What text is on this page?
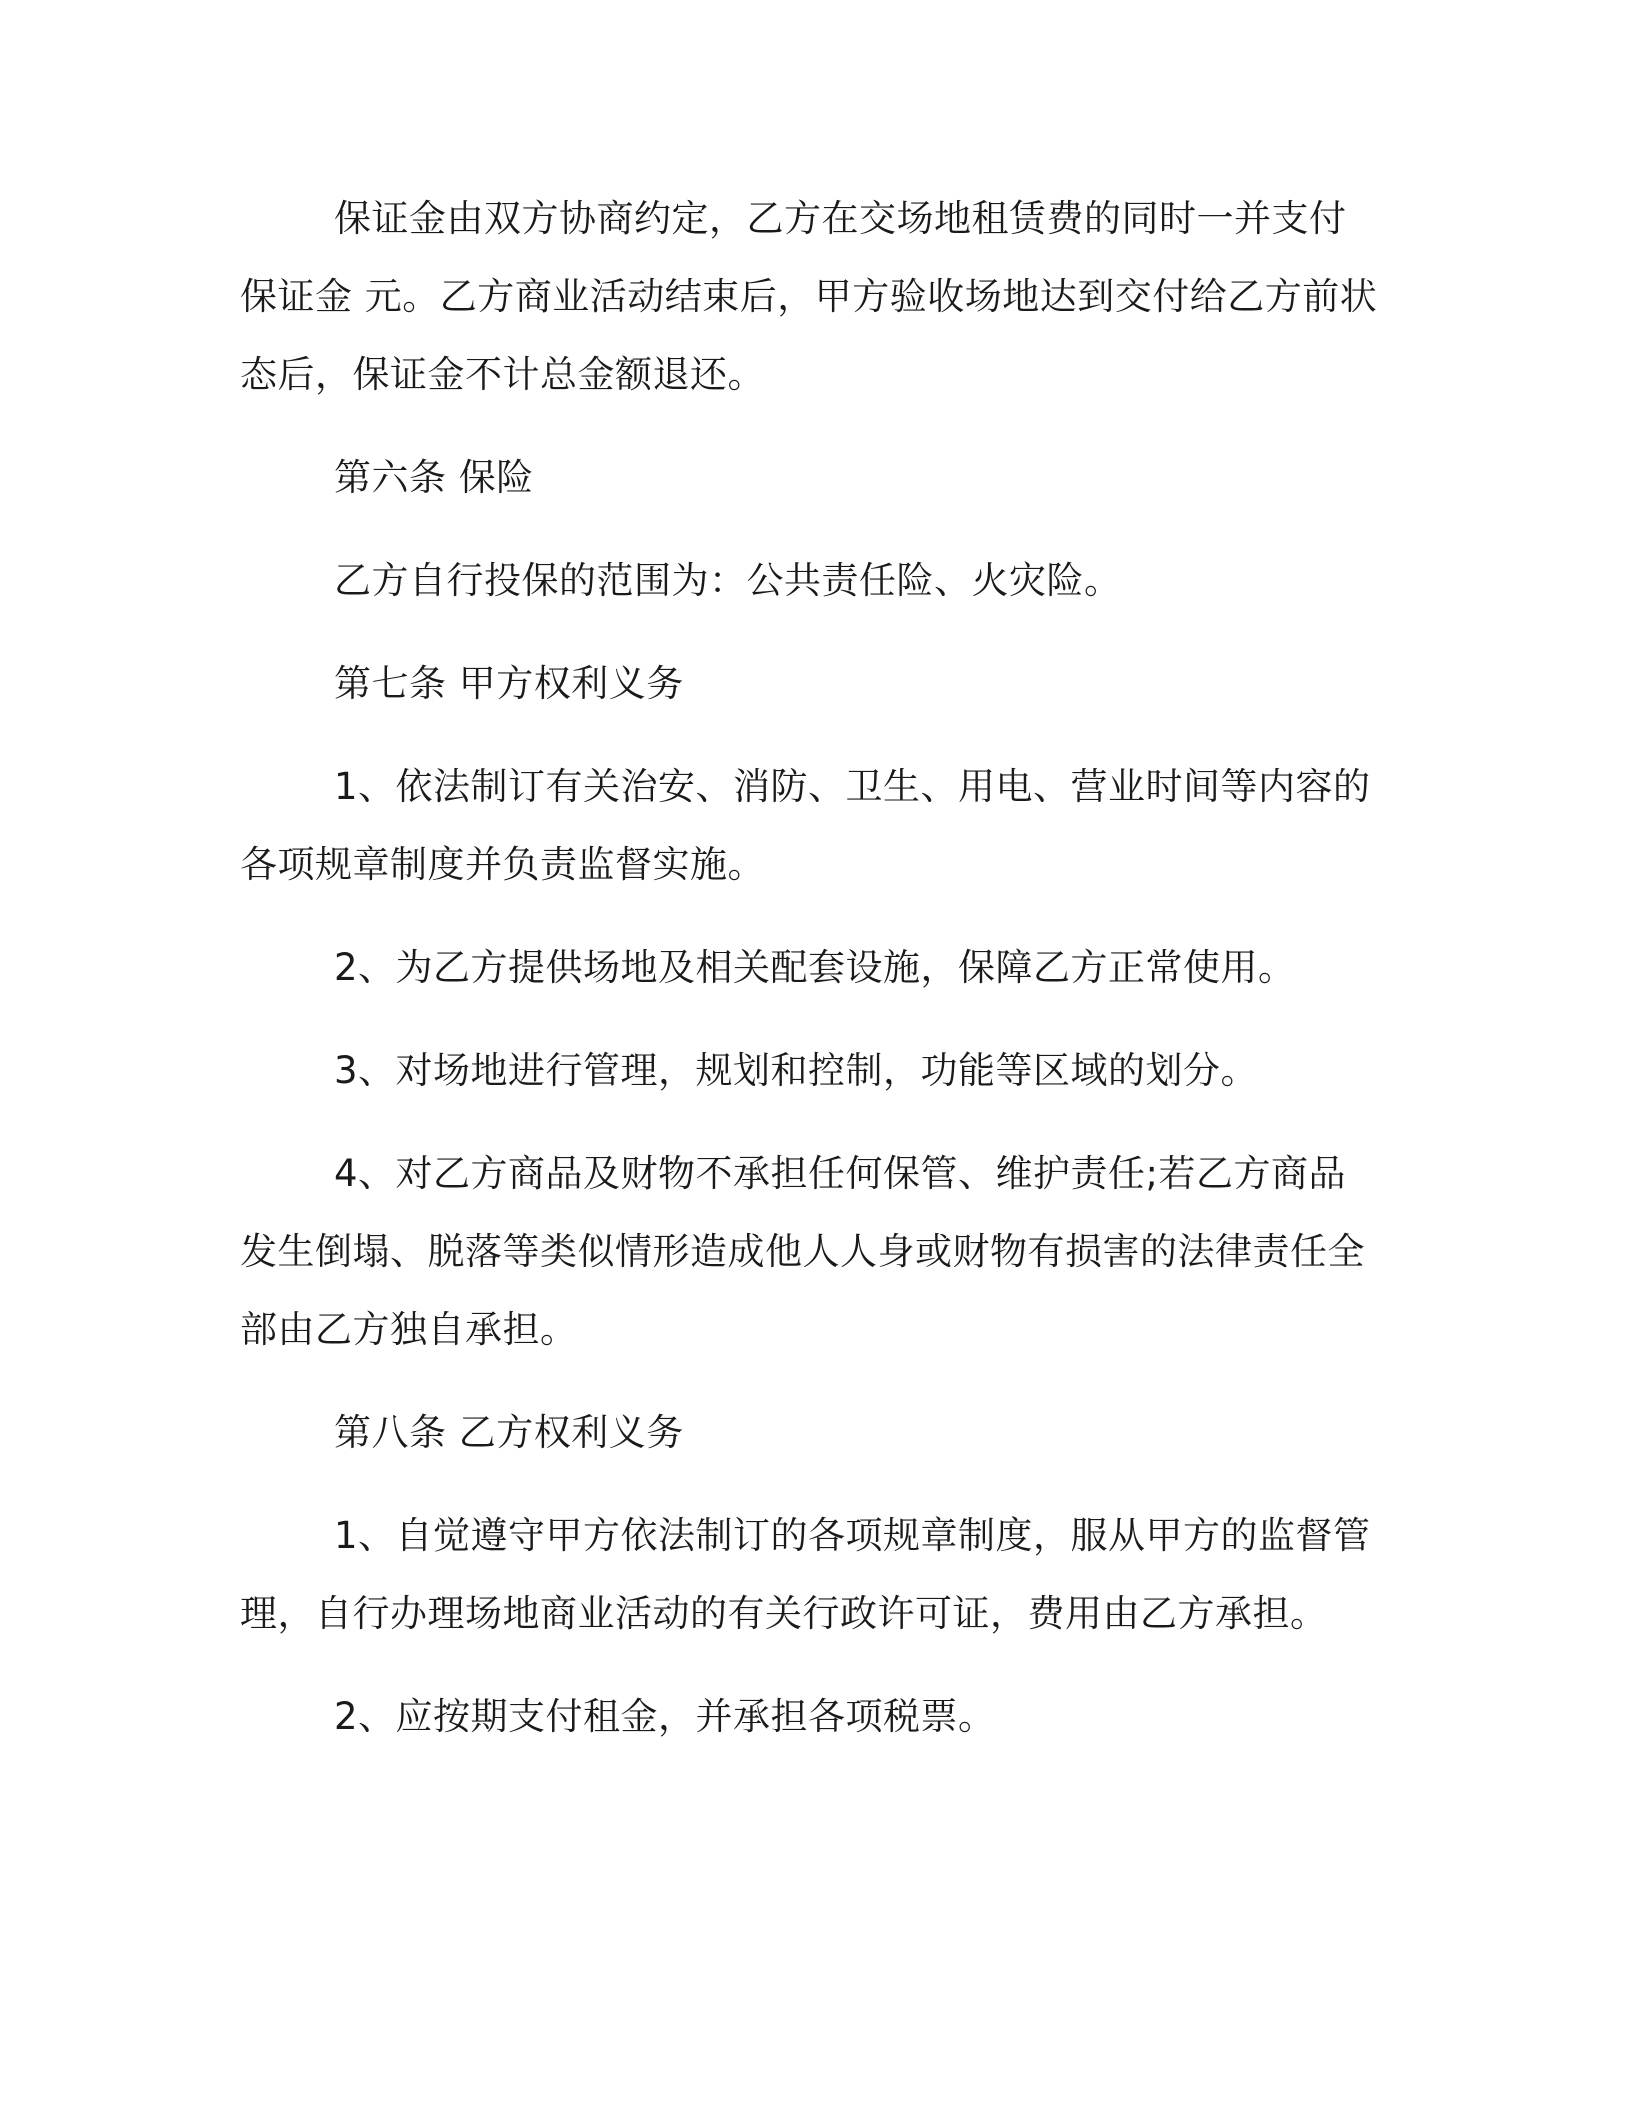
保证金由双方协商约定，乙方在交场地租赁费的同时一并支付保证金 元。乙方商业活动结束后，甲方验收场地达到交付给乙方前状态后，保证金不计总金额退还。

第六条 保险

乙方自行投保的范围为：公共责任险、火灾险。

第七条 甲方权利义务

1、依法制订有关治安、消防、卫生、用电、营业时间等内容的各项规章制度并负责监督实施。

2、为乙方提供场地及相关配套设施，保障乙方正常使用。

3、对场地进行管理，规划和控制，功能等区域的划分。

4、对乙方商品及财物不承担任何保管、维护责任;若乙方商品发生倒塌、脱落等类似情形造成他人人身或财物有损害的法律责任全部由乙方独自承担。

第八条 乙方权利义务

1、自觉遵守甲方依法制订的各项规章制度，服从甲方的监督管理，自行办理场地商业活动的有关行政许可证，费用由乙方承担。

2、应按期支付租金，并承担各项税票。
